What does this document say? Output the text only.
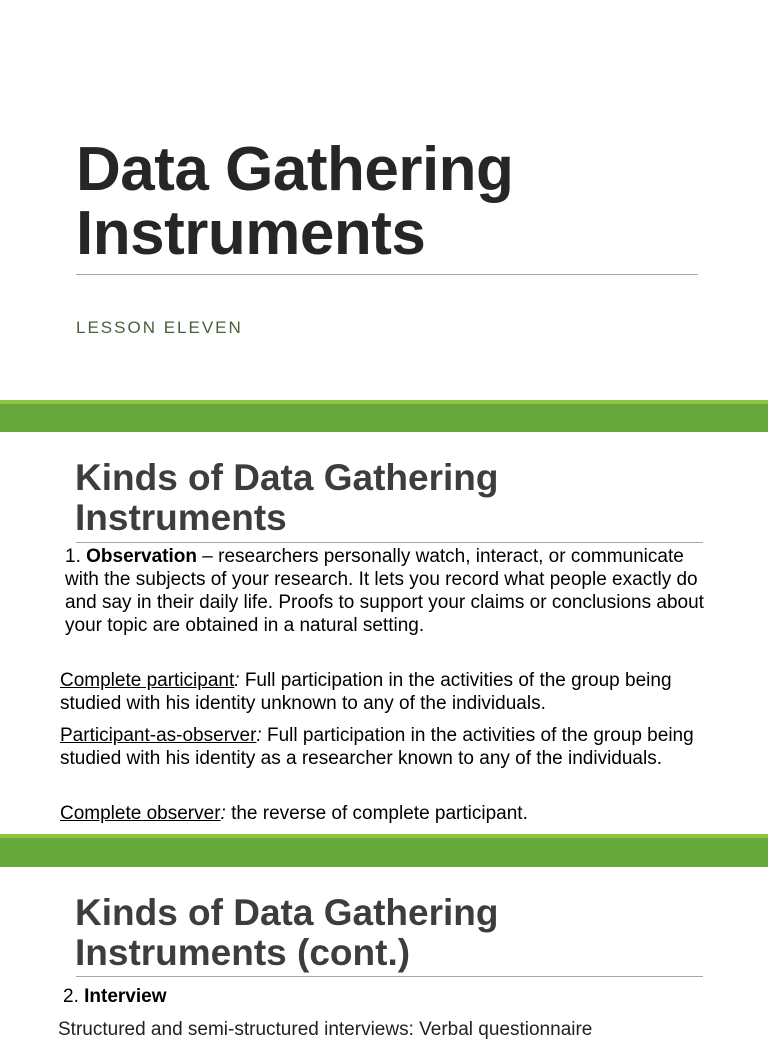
Data Gathering
Instruments
LESSON ELEVEN
Kinds of Data Gathering
Instruments
1. Observation – researchers personally watch, interact, or communicate with the subjects of your research. It lets you record what people exactly do and say in their daily life. Proofs to support your claims or conclusions about your topic are obtained in a natural setting.
Complete participant: Full participation in the activities of the group being studied with his identity unknown to any of the individuals.
Participant-as-observer: Full participation in the activities of the group being studied with his identity as a researcher known to any of the individuals.
Complete observer: the reverse of complete participant.
Kinds of Data Gathering
Instruments (cont.)
2. Interview
Structured and semi-structured interviews: Verbal questionnaire
